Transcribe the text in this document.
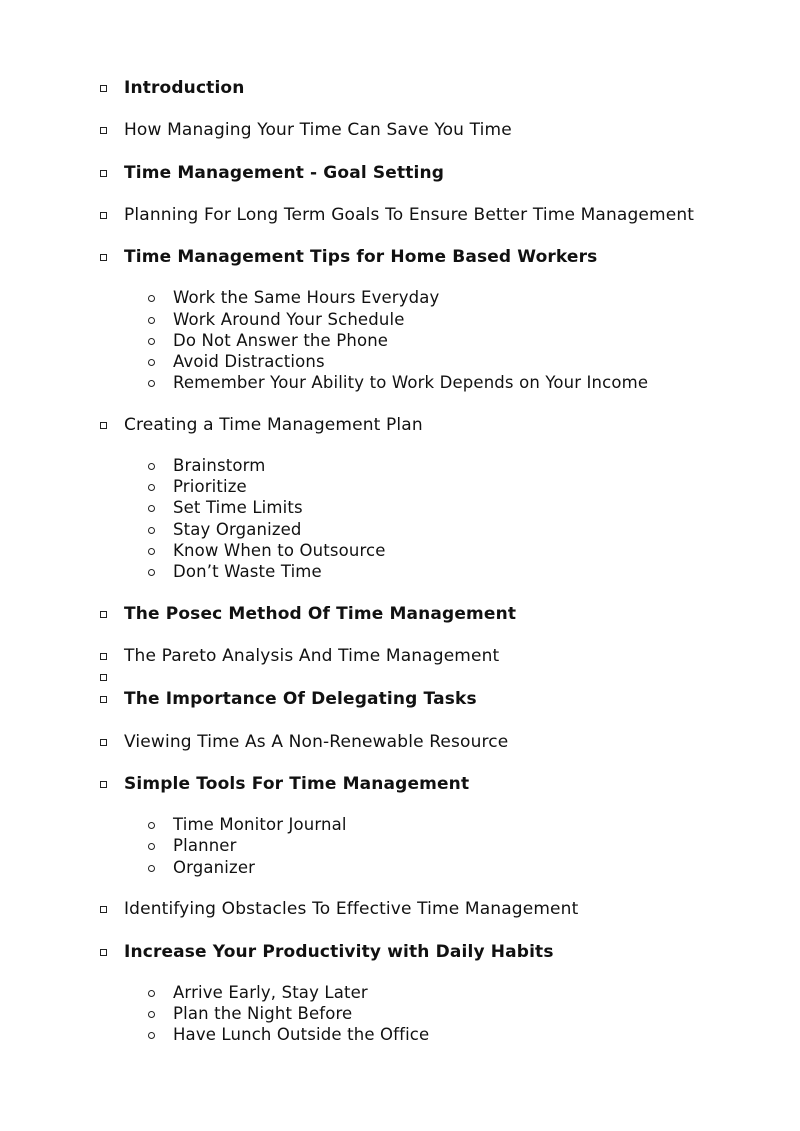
Introduction
How Managing Your Time Can Save You Time
Time Management - Goal Setting
Planning For Long Term Goals To Ensure Better Time Management
Time Management Tips for Home Based Workers
Work the Same Hours Everyday
Work Around Your Schedule
Do Not Answer the Phone
Avoid Distractions
Remember Your Ability to Work Depends on Your Income
Creating a Time Management Plan
Brainstorm
Prioritize
Set Time Limits
Stay Organized
Know When to Outsource
Don’t Waste Time
The Posec Method Of Time Management
The Pareto Analysis And Time Management
The Importance Of Delegating Tasks
Viewing Time As A Non-Renewable Resource
Simple Tools For Time Management
Time Monitor Journal
Planner
Organizer
Identifying Obstacles To Effective Time Management
Increase Your Productivity with Daily Habits
Arrive Early, Stay Later
Plan the Night Before
Have Lunch Outside the Office
